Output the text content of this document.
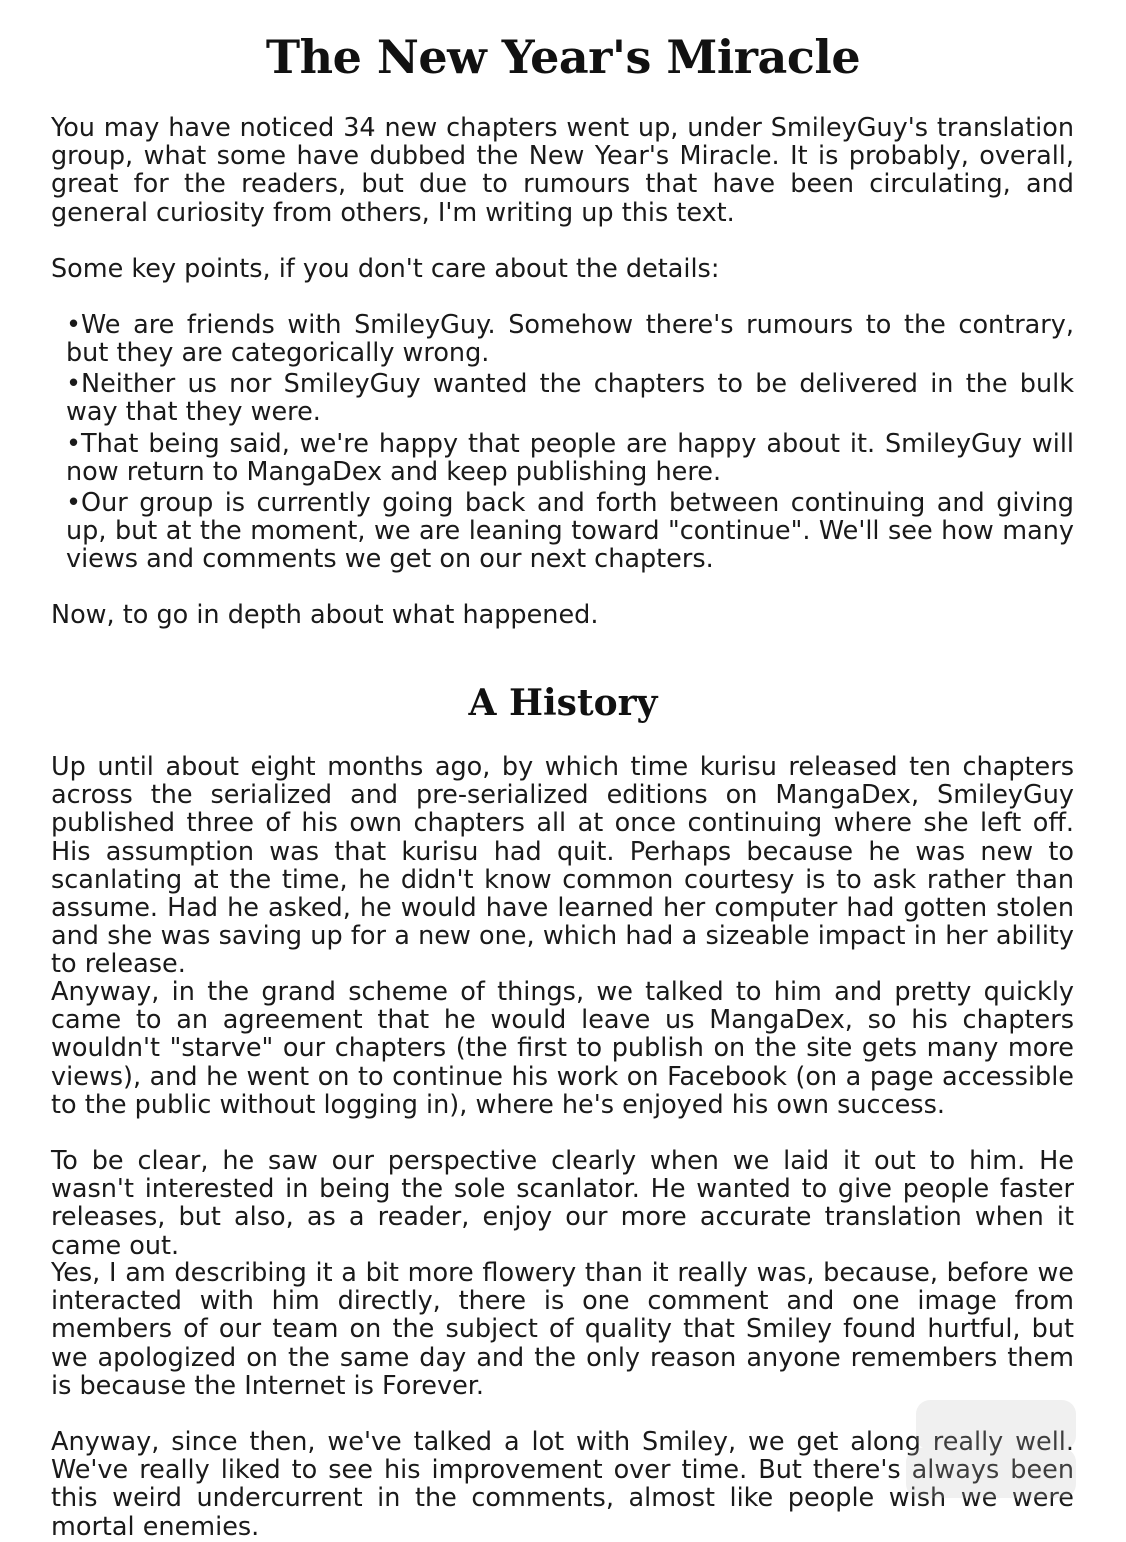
The New Year's Miracle

You may have noticed 34 new chapters went up, under SmileyGuy's translation group, what some have dubbed the New Year's Miracle. It is probably, overall, great for the readers, but due to rumours that have been circulating, and general curiosity from others, I'm writing up this text.

Some key points, if you don't care about the details:

•We are friends with SmileyGuy. Somehow there's rumours to the contrary, but they are categorically wrong.

•Neither us nor SmileyGuy wanted the chapters to be delivered in the bulk way that they were.

•That being said, we're happy that people are happy about it. SmileyGuy will now return to MangaDex and keep publishing here.

•Our group is currently going back and forth between continuing and giving up, but at the moment, we are leaning toward "continue". We'll see how many views and comments we get on our next chapters.

Now, to go in depth about what happened.

A History

Up until about eight months ago, by which time kurisu released ten chapters across the serialized and pre-serialized editions on MangaDex, SmileyGuy published three of his own chapters all at once continuing where she left off. His assumption was that kurisu had quit. Perhaps because he was new to scanlating at the time, he didn't know common courtesy is to ask rather than assume. Had he asked, he would have learned her computer had gotten stolen and she was saving up for a new one, which had a sizeable impact in her ability to release.

Anyway, in the grand scheme of things, we talked to him and pretty quickly came to an agreement that he would leave us MangaDex, so his chapters wouldn't "starve" our chapters (the first to publish on the site gets many more views), and he went on to continue his work on Facebook (on a page accessible to the public without logging in), where he's enjoyed his own success.

To be clear, he saw our perspective clearly when we laid it out to him. He wasn't interested in being the sole scanlator. He wanted to give people faster releases, but also, as a reader, enjoy our more accurate translation when it came out.

Yes, I am describing it a bit more flowery than it really was, because, before we interacted with him directly, there is one comment and one image from members of our team on the subject of quality that Smiley found hurtful, but we apologized on the same day and the only reason anyone remembers them is because the Internet is Forever.

Anyway, since then, we've talked a lot with Smiley, we get along really well. We've really liked to see his improvement over time. But there's always been this weird undercurrent in the comments, almost like people wish we were mortal enemies.
